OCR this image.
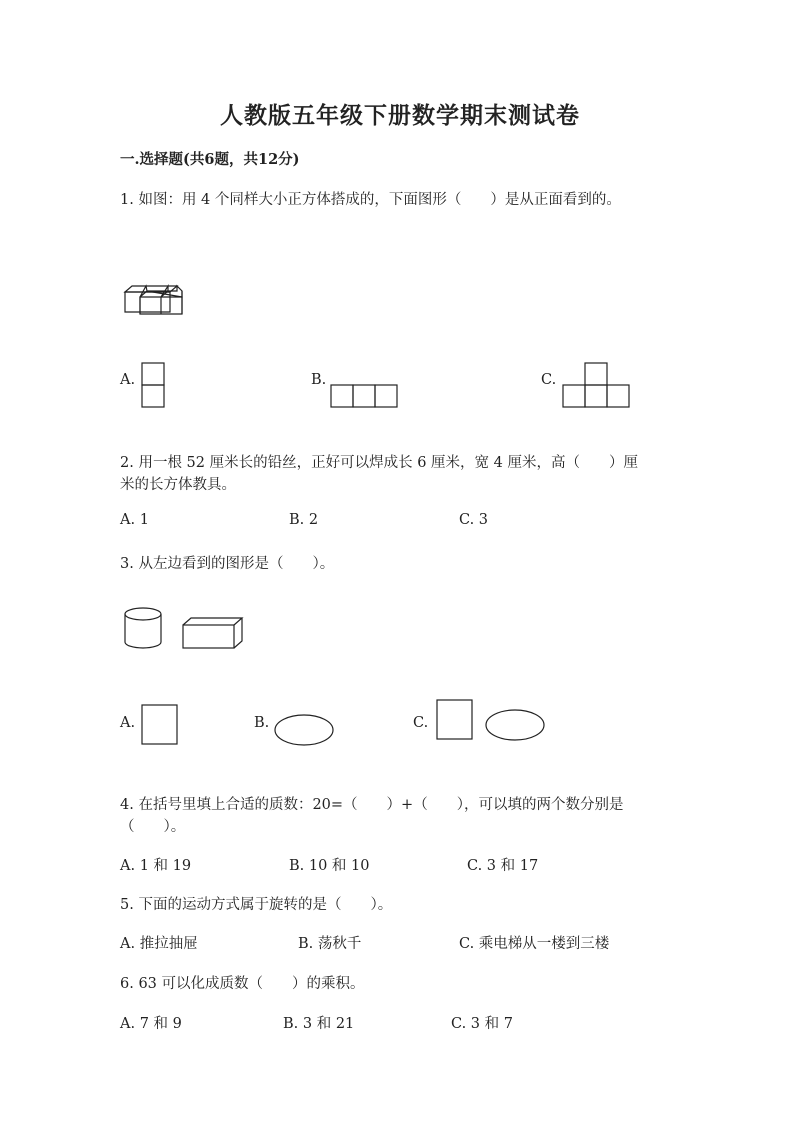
人教版五年级下册数学期末测试卷
一.选择题(共6题，共12分)
1. 如图：用 4 个同样大小正方体搭成的，下面图形（　　）是从正面看到的。
A.	B.	C.
2. 用一根 52 厘米长的铅丝，正好可以焊成长 6 厘米，宽 4 厘米，高（　　）厘
米的长方体教具。
A. 1	B. 2	C. 3
3. 从左边看到的图形是（　　）。
A.	B.	C.
4. 在括号里填上合适的质数：20=（　　）+（　　），可以填的两个数分别是
（　　）。
A. 1 和 19	B. 10 和 10	C. 3 和 17
5. 下面的运动方式属于旋转的是（　　）。
A. 推拉抽屉	B. 荡秋千	C. 乘电梯从一楼到三楼
6. 63 可以化成质数（　　）的乘积。
A. 7 和 9	B. 3 和 21	C. 3 和 7
